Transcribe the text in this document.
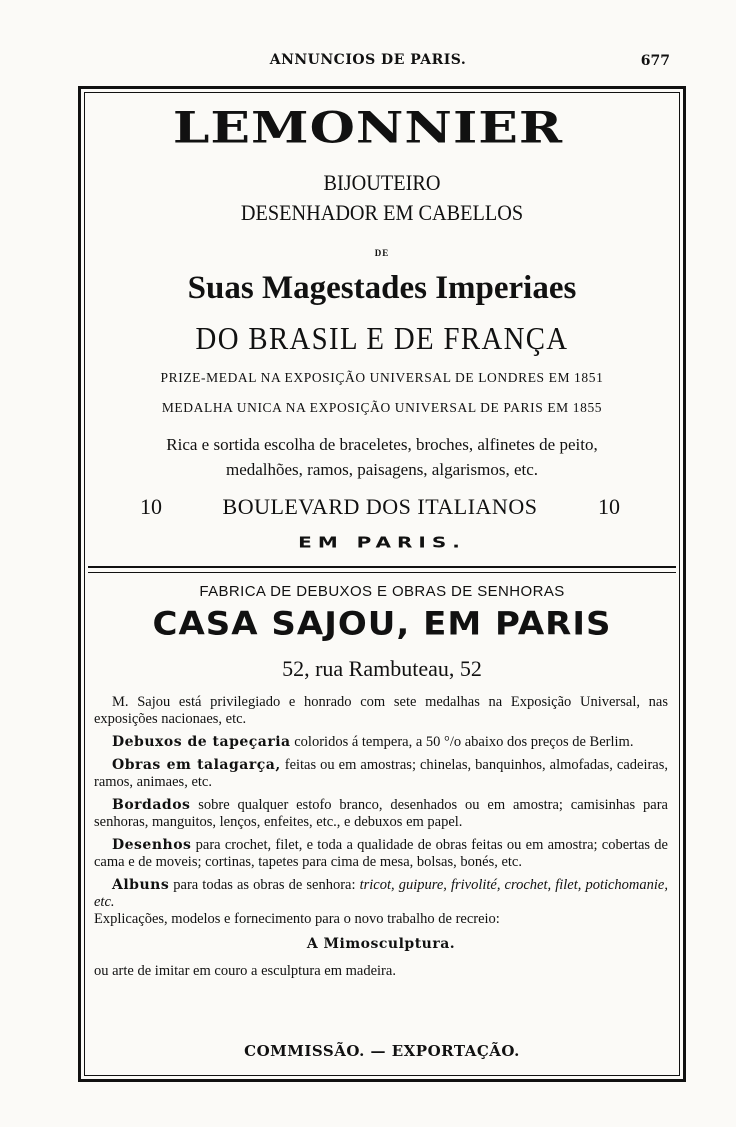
ANNUNCIOS DE PARIS.	677
LEMONNIER
BIJOUTEIRO
DESENHADOR EM CABELLOS
DE
Suas Magestades Imperiaes
DO BRASIL E DE FRANÇA
PRIZE-MEDAL NA EXPOSIÇÃO UNIVERSAL DE LONDRES EM 1851
MEDALHA UNICA NA EXPOSIÇÃO UNIVERSAL DE PARIS EM 1855
Rica e sortida escolha de braceletes, broches, alfinetes de peito,
medalhões, ramos, paisagens, algarismos, etc.
10	BOULEVARD DOS ITALIANOS	10
EM PARIS.
FABRICA DE DEBUXOS E OBRAS DE SENHORAS
CASA SAJOU, EM PARIS
52, rua Rambuteau, 52

M. Sajou está privilegiado e honrado com sete medalhas na Exposição Universal, nas exposições nacionaes, etc.

Debuxos de tapeçaria coloridos á tempera, a 50 °/o abaixo dos preços de Berlim.

Obras em talagarça, feitas ou em amostras; chinelas, banquinhos, almofadas, cadeiras, ramos, animaes, etc.

Bordados sobre qualquer estofo branco, desenhados ou em amostra; camisinhas para senhoras, manguitos, lenços, enfeites, etc., e debuxos em papel.

Desenhos para crochet, filet, e toda a qualidade de obras feitas ou em amostra; cobertas de cama e de moveis; cortinas, tapetes para cima de mesa, bolsas, bonés, etc.

Albuns para todas as obras de senhora: tricot, guipure, frivolité, crochet, filet, potichomanie, etc.
Explicações, modelos e fornecimento para o novo trabalho de recreio:

A Mimosculptura.

ou arte de imitar em couro a esculptura em madeira.

COMMISSÃO. — EXPORTAÇÃO.
